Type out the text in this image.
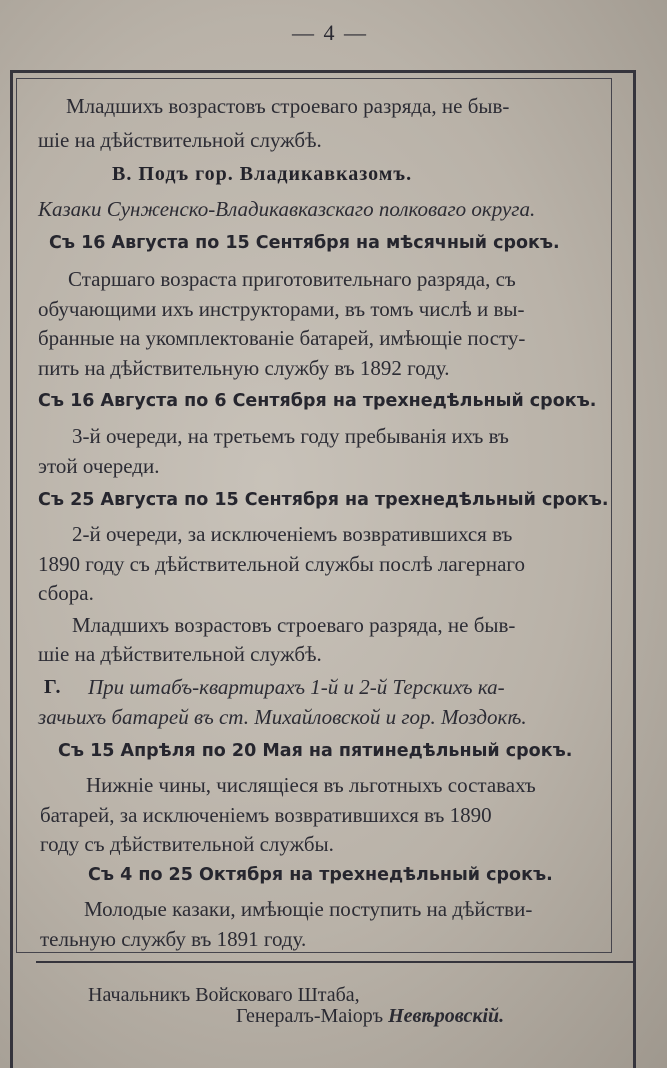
— 4 —
Младшихъ возрастовъ строеваго разряда, не быв-
шіе на дѣйствительной службѣ.
В. Подъ гор. Владикавказомъ.
Казаки Сунженско-Владикавказскаго полковаго округа.
Съ 16 Августа по 15 Сентября на мѣсячный срокъ.
Старшаго возраста приготовительнаго разряда, съ
обучающими ихъ инструкторами, въ томъ числѣ и вы-
бранные на укомплектованіе батарей, имѣющіе посту-
пить на дѣйствительную службу въ 1892 году.
Съ 16 Августа по 6 Сентября на трехнедѣльный срокъ.
3-й очереди, на третьемъ году пребыванія ихъ въ
этой очереди.
Съ 25 Августа по 15 Сентября на трехнедѣльный срокъ.
2-й очереди, за исключеніемъ возвратившихся въ
1890 году съ дѣйствительной службы послѣ лагернаго
сбора.
Младшихъ возрастовъ строеваго разряда, не быв-
шіе на дѣйствительной службѣ.
Г. При штабъ-квартирахъ 1-й и 2-й Терскихъ ка-
зачьихъ батарей въ ст. Михайловской и гор. Моздокѣ.
Съ 15 Апрѣля по 20 Мая на пятинедѣльный срокъ.
Нижніе чины, числящіеся въ льготныхъ составахъ
батарей, за исключеніемъ возвратившихся въ 1890
году съ дѣйствительной службы.
Съ 4 по 25 Октября на трехнедѣльный срокъ.
Молодые казаки, имѣющіе поступить на дѣйстви-
тельную службу въ 1891 году.
Начальникъ Войсковаго Штаба,
Генералъ-Маіоръ Невѣровскій.
